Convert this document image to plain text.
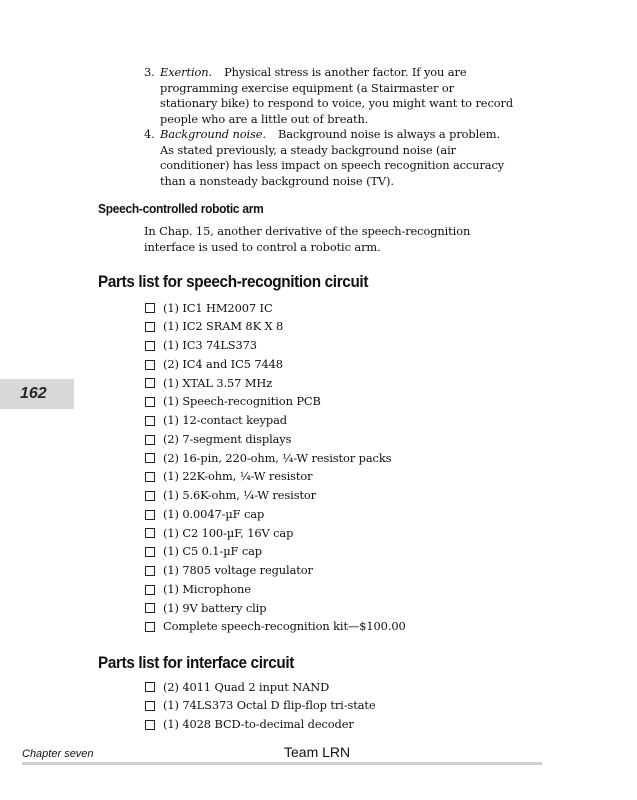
3. Exertion. Physical stress is another factor. If you are programming exercise equipment (a Stairmaster or stationary bike) to respond to voice, you might want to record people who are a little out of breath.
4. Background noise. Background noise is always a problem. As stated previously, a steady background noise (air conditioner) has less impact on speech recognition accuracy than a nonsteady background noise (TV).
Speech-controlled robotic arm
In Chap. 15, another derivative of the speech-recognition interface is used to control a robotic arm.
Parts list for speech-recognition circuit
(1) IC1 HM2007 IC
(1) IC2 SRAM 8K X 8
(1) IC3 74LS373
(2) IC4 and IC5 7448
(1) XTAL 3.57 MHz
(1) Speech-recognition PCB
(1) 12-contact keypad
(2) 7-segment displays
(2) 16-pin, 220-ohm, ¼-W resistor packs
(1) 22K-ohm, ¼-W resistor
(1) 5.6K-ohm, ¼-W resistor
(1) 0.0047-µF cap
(1) C2 100-µF, 16V cap
(1) C5 0.1-µF cap
(1) 7805 voltage regulator
(1) Microphone
(1) 9V battery clip
Complete speech-recognition kit—$100.00
Parts list for interface circuit
(2) 4011 Quad 2 input NAND
(1) 74LS373 Octal D flip-flop tri-state
(1) 4028 BCD-to-decimal decoder
162
Chapter seven	Team LRN
